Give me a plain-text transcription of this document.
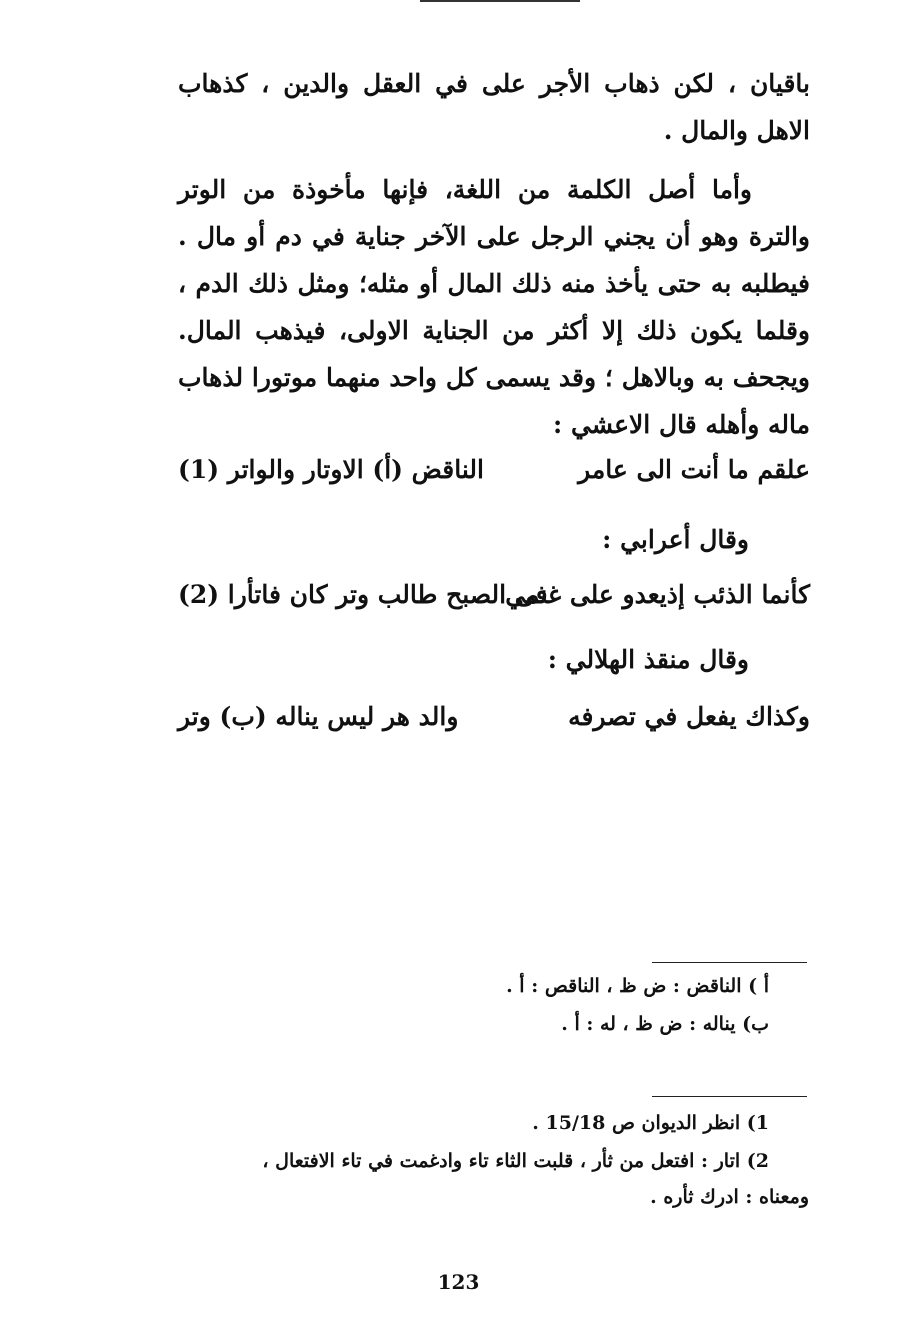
باقيان ، لكن ذهاب الأجر على في العقل والدين ، كذهاب الاهل والمال .
وأما أصل الكلمة من اللغة، فإنها مأخوذة من الوتر والترة وهو أن يجني الرجل على الآخر جناية في دم أو مال . فيطلبه به حتى يأخذ منه ذلك المال أو مثله؛ ومثل ذلك الدم ، وقلما يكون ذلك إلا أكثر من الجناية الاولى، فيذهب المال. ويجحف به وبالاهل ؛ وقد يسمى كل واحد منهما موتورا لذهاب ماله وأهله قال الاعشي :
علقم ما أنت الى عامر
الناقض (أ) الاوتار والواتر (1)
وقال أعرابي :
كأنما الذئب إذيعدو على غنمي
فى الصبح طالب وتر كان فاتأرا (2)
وقال منقذ الهلالي :
وكذاك يفعل في تصرفه
والد هر ليس يناله (ب) وتر
أ ) الناقض : ض ظ ، الناقص : أ .
ب) يناله : ض ظ ، له : أ .
1) انظر الديوان ص 15/18 .
2) اتار : افتعل من ثأر ، قلبت الثاء تاء وادغمت في تاء الافتعال ،
ومعناه : ادرك ثأره .
123
